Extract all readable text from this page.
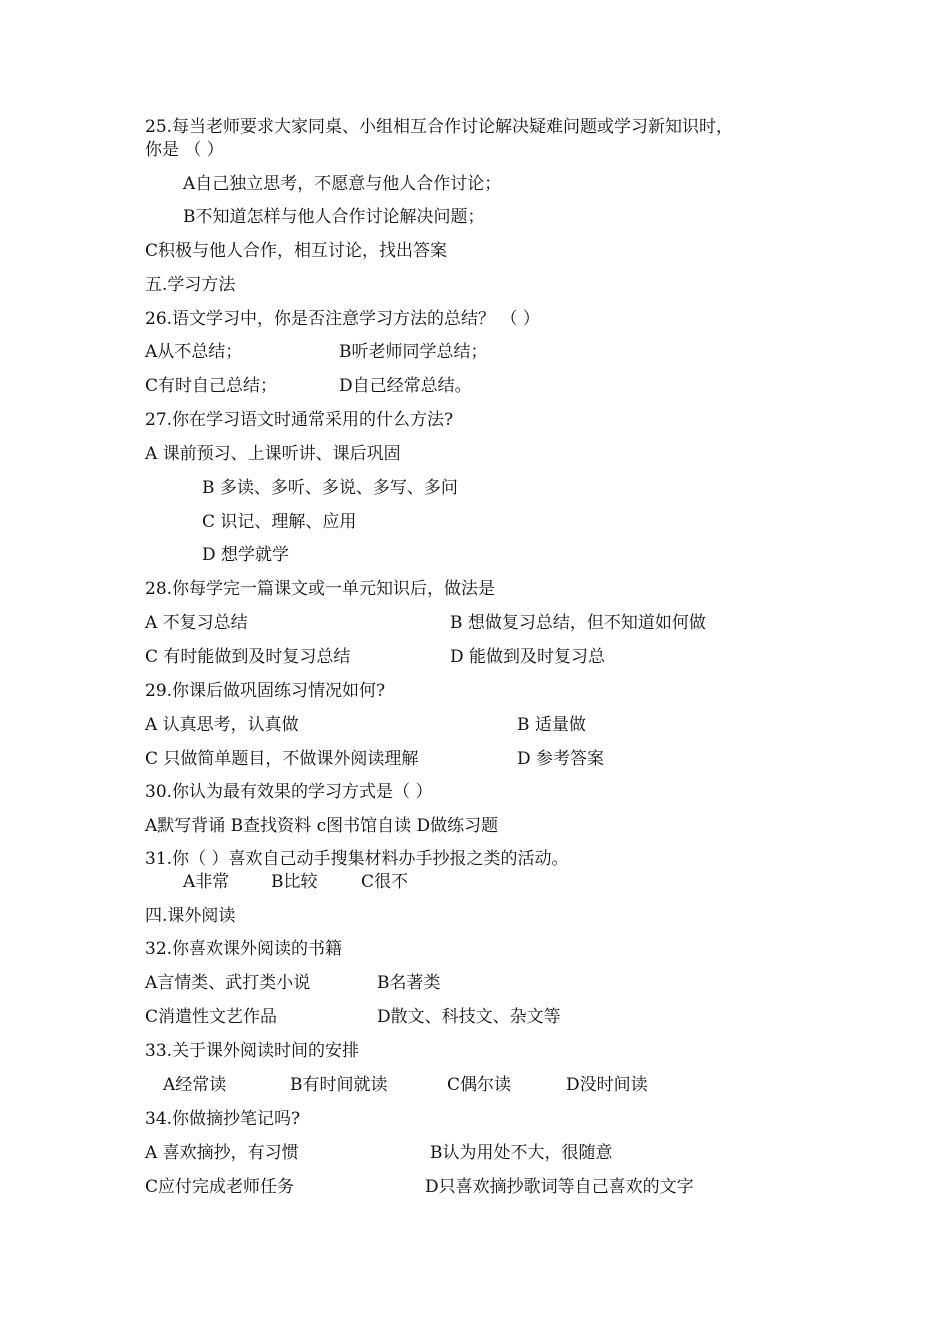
25.每当老师要求大家同桌、小组相互合作讨论解决疑难问题或学习新知识时，
你是 （ ）
A自己独立思考，不愿意与他人合作讨论；
B不知道怎样与他人合作讨论解决问题；
C积极与他人合作，相互讨论，找出答案
五.学习方法
26.语文学习中，你是否注意学习方法的总结？ （ ）
A从不总结；	B听老师同学总结；
C有时自己总结；	D自己经常总结。
27.你在学习语文时通常采用的什么方法?
A 课前预习、上课听讲、课后巩固
B 多读、多听、多说、多写、多问
C 识记、理解、应用
D 想学就学
28.你每学完一篇课文或一单元知识后，做法是
A 不复习总结	B 想做复习总结，但不知道如何做
C 有时能做到及时复习总结	D 能做到及时复习总
29.你课后做巩固练习情况如何?
A 认真思考，认真做	B 适量做
C 只做简单题目，不做课外阅读理解	D 参考答案
30.你认为最有效果的学习方式是（ ）
A默写背诵 B查找资料 c图书馆自读 D做练习题
31.你（ ）喜欢自己动手搜集材料办手抄报之类的活动。
A非常 B比较	C很不
四.课外阅读
32.你喜欢课外阅读的书籍
A言情类、武打类小说	B名著类
C消遣性文艺作品	D散文、科技文、杂文等
33.关于课外阅读时间的安排
A经常读	B有时间就读	C偶尔读	D没时间读
34.你做摘抄笔记吗?
A 喜欢摘抄，有习惯	B认为用处不大，很随意
C应付完成老师任务	D只喜欢摘抄歌词等自己喜欢的文字
